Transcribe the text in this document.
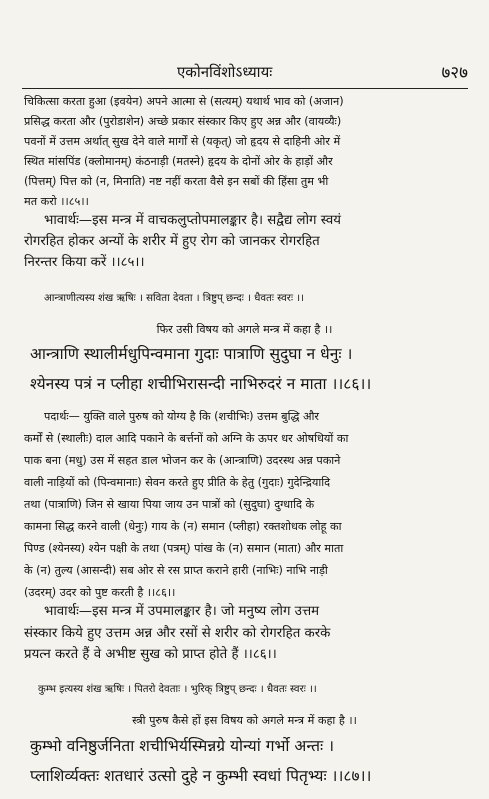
एकोनविंशोऽध्यायः	७२७
चिकित्सा करता हुआ (इवयेन) अपने आत्मा से (सत्यम्) यथार्थ भाव को (अजान)
प्रसिद्ध करता और (पुरोडाशेन) अच्छे प्रकार संस्कार किए हुए अन्न और (वायव्यैः)
पवनों में उत्तम अर्थात् सुख देने वाले मार्गों से (यकृत्) जो हृदय से दाहिनी ओर में
स्थित मांसपिंड (क्लोमानम्) कंठनाड़ी (मतस्ने) हृदय के दोनों ओर के हाड़ों और
(पित्तम्) पित्त को (न, मिनाति) नष्ट नहीं करता वैसे इन सबों की हिंसा तुम भी
मत करो ।।८५।।
भावार्थः—इस मन्त्र में वाचकलुप्तोपमालङ्कार है। सद्वैद्य लोग स्वयं
रोगरहित होकर अन्यों के शरीर में हुए रोग को जानकर रोगरहित
निरन्तर किया करें ।।८५।।
आन्त्राणीत्यस्य शंख ऋषिः । सविता देवता । त्रिष्टुप् छन्दः । धैवतः स्वरः ।।
फिर उसी विषय को अगले मन्त्र में कहा है ।।
आन्त्राणि स्थालीर्मधुपिन्वमाना गुदाः पात्राणि सुदुघा न धेनुः ।
श्येनस्य पत्रं न प्लीहा शचीभिरासन्दी नाभिरुदरं न माता ।।८६।।
पदार्थः— युक्ति वाले पुरुष को योग्य है कि (शचीभिः) उत्तम बुद्धि और
कर्मों से (स्थालीः) दाल आदि पकाने के बर्त्तनों को अग्नि के ऊपर धर ओषधियों का
पाक बना (मधु) उस में सहत डाल भोजन कर के (आन्त्राणि) उदरस्थ अन्न पकाने
वाली नाड़ियों को (पिन्वमानाः) सेवन करते हुए प्रीति के हेतु (गुदाः) गुदेन्द्रियादि
तथा (पात्राणि) जिन से खाया पिया जाय उन पात्रों को (सुदुघा) दुग्धादि के
कामना सिद्ध करने वाली (धेनुः) गाय के (न) समान (प्लीहा) रक्तशोधक लोहू का
पिण्ड (श्येनस्य) श्येन पक्षी के तथा (पत्रम्) पांख के (न) समान (माता) और माता
के (न) तुल्य (आसन्दी) सब ओर से रस प्राप्त कराने हारी (नाभिः) नाभि नाड़ी
(उदरम्) उदर को पुष्ट करती है ।।८६।।
भावार्थः—इस मन्त्र में उपमालङ्कार है। जो मनुष्य लोग उत्तम
संस्कार किये हुए उत्तम अन्न और रसों से शरीर को रोगरहित करके
प्रयत्न करते हैं वे अभीष्ट सुख को प्राप्त होते हैं ।।८६।।
कुम्भ इत्यस्य शंख ऋषिः । पितरो देवताः । भुरिक् त्रिष्टुप् छन्दः । धैवतः स्वरः ।।
स्त्री पुरुष कैसे हों इस विषय को अगले मन्त्र में कहा है ।।
कुम्भो वनिष्ठुर्जनिता शचीभिर्यस्मिन्नग्रे योन्यां गर्भो अन्तः ।
प्लाशिर्व्यक्तः शतधारं उत्सो दुहे न कुम्भी स्वधां पितृभ्यः ।।८७।।
